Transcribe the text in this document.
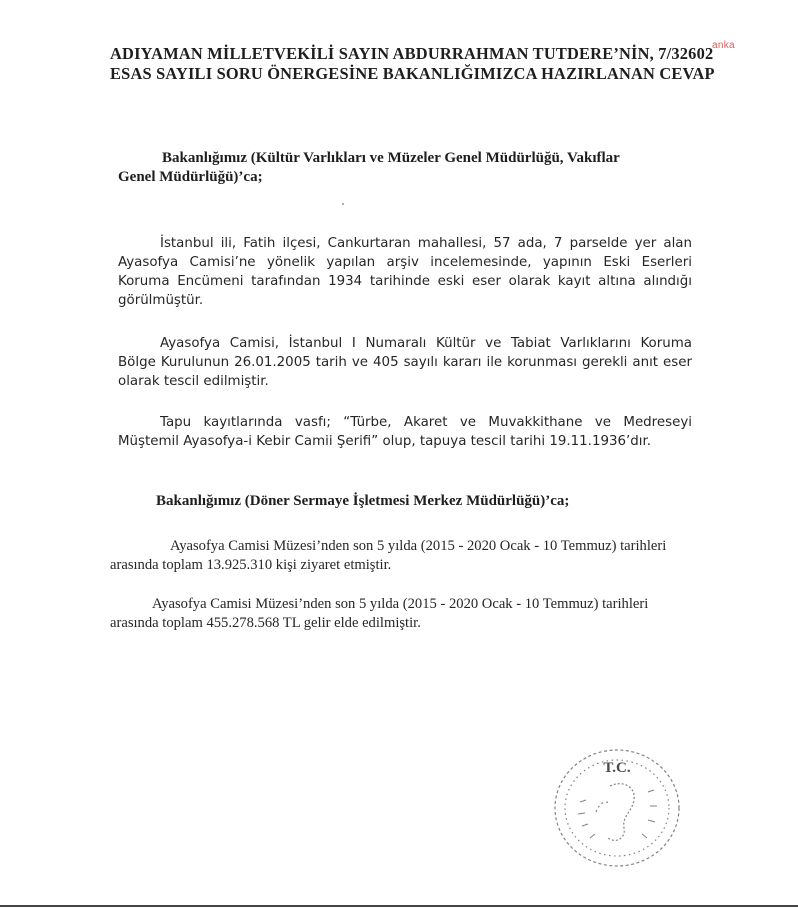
anka
ADIYAMAN MİLLETVEKİLİ SAYIN ABDURRAHMAN TUTDERE’NİN, 7/32602
ESAS SAYILI SORU ÖNERGESİNE BAKANLIĞIMIZCA HAZIRLANAN CEVAP
Bakanlığımız (Kültür Varlıkları ve Müzeler Genel Müdürlüğü, Vakıflar
Genel Müdürlüğü)’ca;
İstanbul ili, Fatih ilçesi, Cankurtaran mahallesi, 57 ada, 7 parselde yer alan
Ayasofya Camisi’ne yönelik yapılan arşiv incelemesinde, yapının Eski Eserleri
Koruma Encümeni tarafından 1934 tarihinde eski eser olarak kayıt altına alındığı
görülmüştür.
Ayasofya Camisi, İstanbul I Numaralı Kültür ve Tabiat Varlıklarını Koruma
Bölge Kurulunun 26.01.2005 tarih ve 405 sayılı kararı ile korunması gerekli anıt eser
olarak tescil edilmiştir.
Tapu kayıtlarında vasfı; “Türbe, Akaret ve Muvakkithane ve Medreseyi
Müştemil Ayasofya-i Kebir Camii Şerifi” olup, tapuya tescil tarihi 19.11.1936’dır.
Bakanlığımız (Döner Sermaye İşletmesi Merkez Müdürlüğü)’ca;
Ayasofya Camisi Müzesi’nden son 5 yılda (2015 - 2020 Ocak - 10 Temmuz) tarihleri
arasında toplam 13.925.310 kişi ziyaret etmiştir.
Ayasofya Camisi Müzesi’nden son 5 yılda (2015 - 2020 Ocak - 10 Temmuz) tarihleri
arasında toplam 455.278.568 TL gelir elde edilmiştir.
T.C.
